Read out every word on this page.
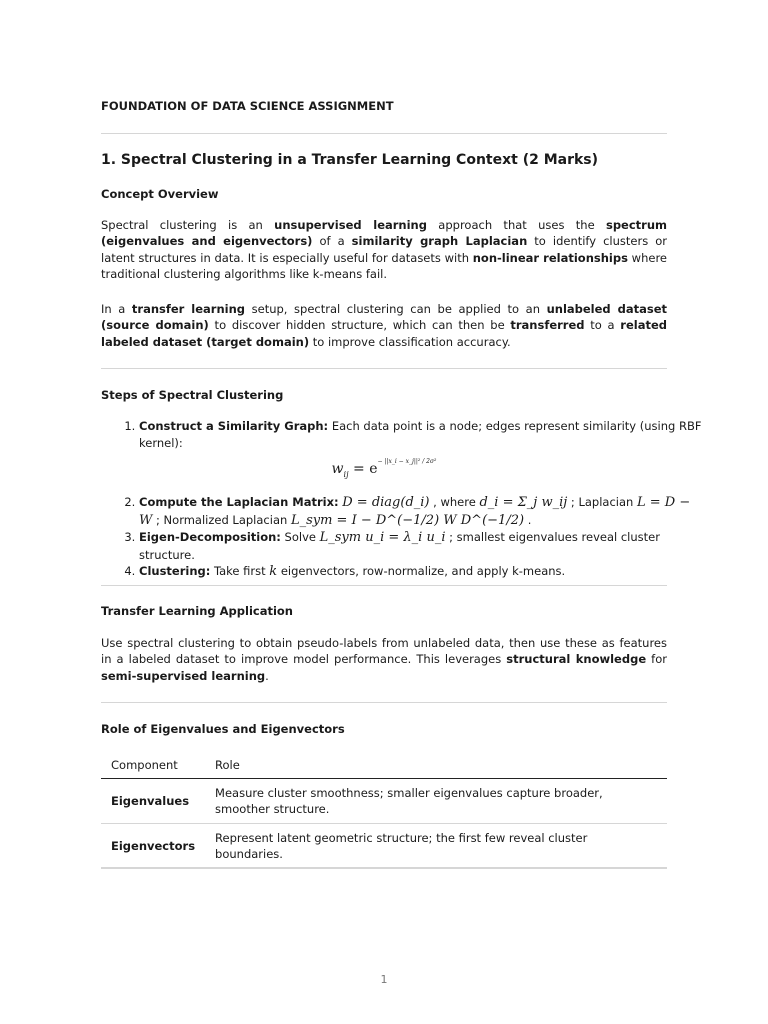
FOUNDATION OF DATA SCIENCE ASSIGNMENT
1. Spectral Clustering in a Transfer Learning Context (2 Marks)
Concept Overview

Spectral clustering is an unsupervised learning approach that uses the spectrum (eigenvalues and eigenvectors) of a similarity graph Laplacian to identify clusters or latent structures in data. It is especially useful for datasets with non-linear relationships where traditional clustering algorithms like k-means fail.

In a transfer learning setup, spectral clustering can be applied to an unlabeled dataset (source domain) to discover hidden structure, which can then be transferred to a related labeled dataset (target domain) to improve classification accuracy.

Steps of Spectral Clustering
1. Construct a Similarity Graph: Each data point is a node; edges represent similarity (using RBF kernel):
2. Compute the Laplacian Matrix: D = diag(d_i) , where d_i = Σ_j w_ij ; Laplacian L = D − W ; Normalized Laplacian L_sym = I − D^(−1/2) W D^(−1/2) .
3. Eigen-Decomposition: Solve L_sym u_i = λ_i u_i ; smallest eigenvalues reveal cluster structure.
4. Clustering: Take first k eigenvectors, row-normalize, and apply k-means.
$w_{ij} = e^{- ||x\_i - x\_j||^2 / 2\sigma^2}$
Transfer Learning Application

Use spectral clustering to obtain pseudo-labels from unlabeled data, then use these as features in a labeled dataset to improve model performance. This leverages structural knowledge for semi-supervised learning.

Role of Eigenvalues and Eigenvectors
Component	Role
Eigenvalues	Measure cluster smoothness; smaller eigenvalues capture broader, smoother structure.
Eigenvectors	Represent latent geometric structure; the first few reveal cluster boundaries.
1
